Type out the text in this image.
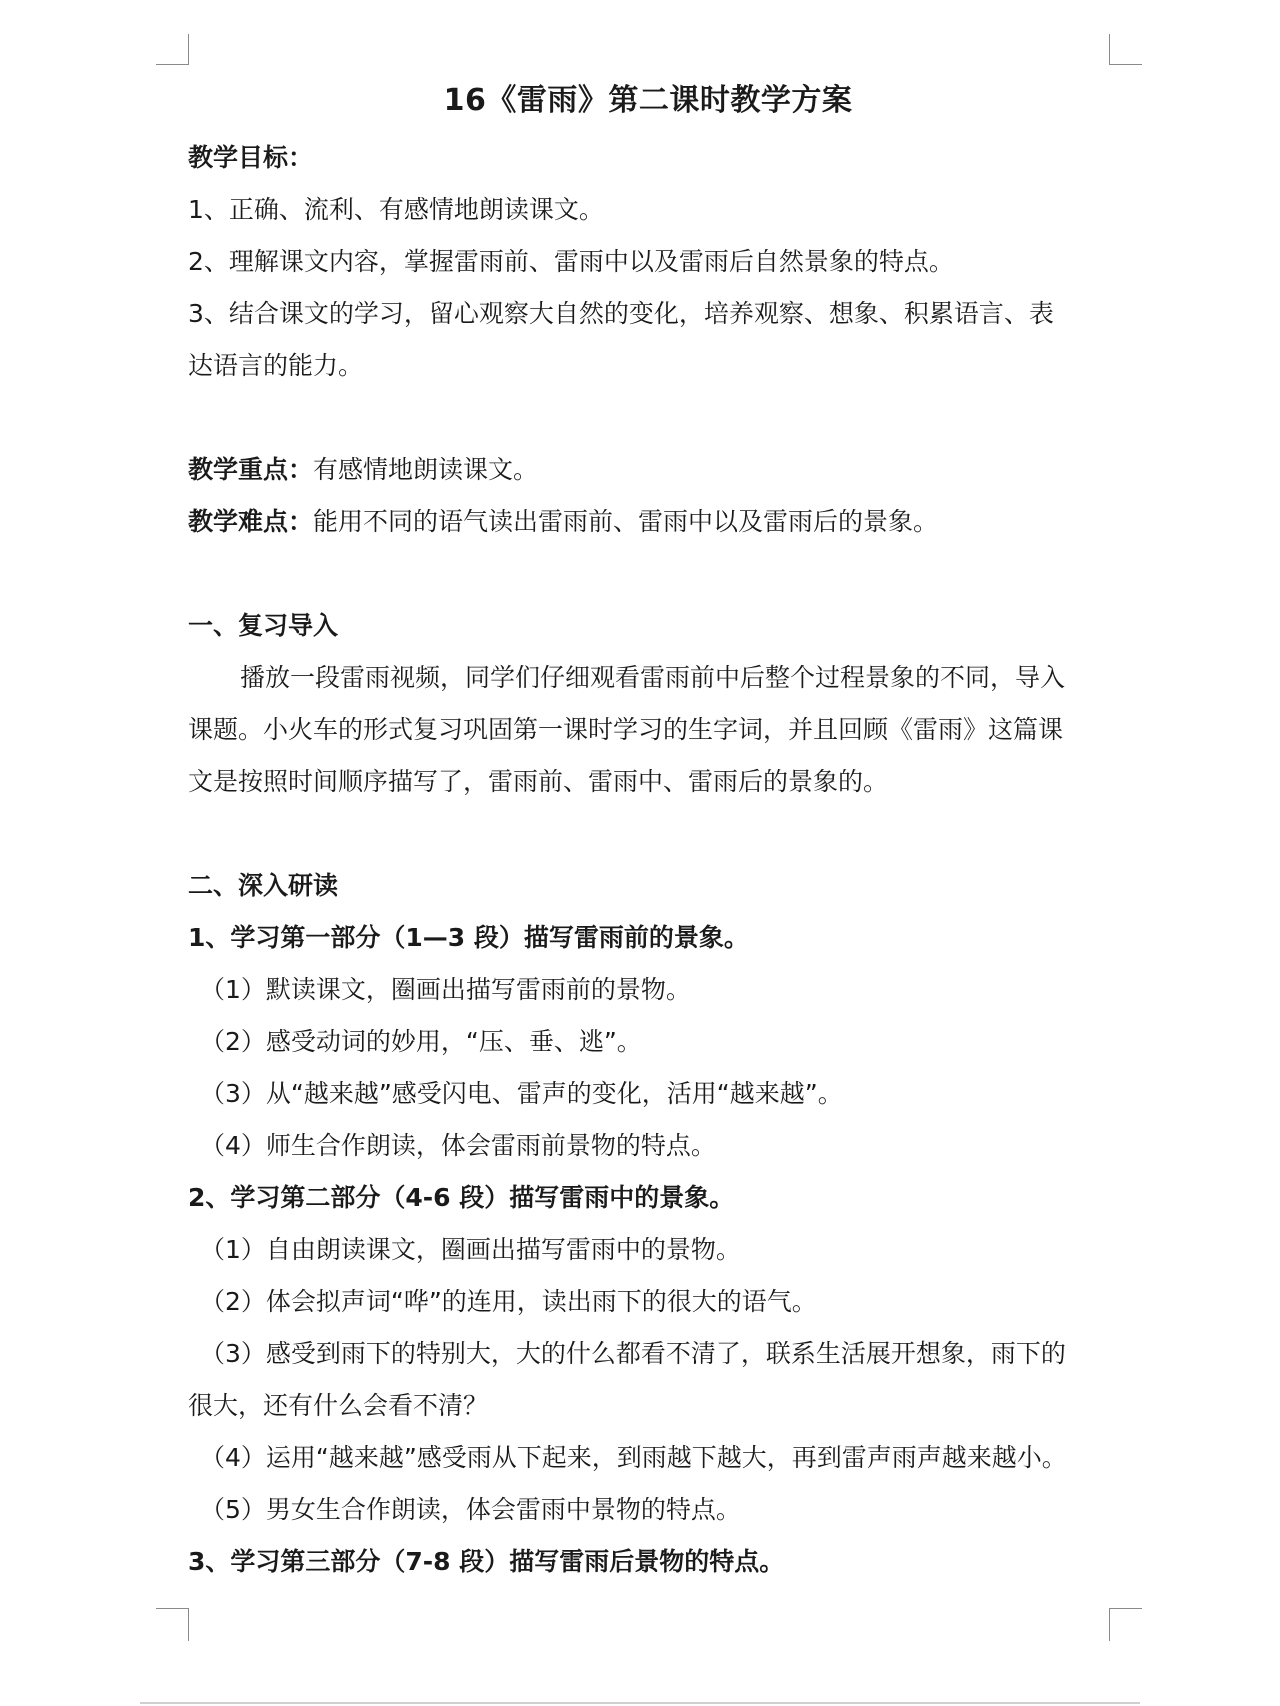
16《雷雨》第二课时教学方案
教学目标：
1、正确、流利、有感情地朗读课文。
2、理解课文内容，掌握雷雨前、雷雨中以及雷雨后自然景象的特点。
3、结合课文的学习，留心观察大自然的变化，培养观察、想象、积累语言、表
达语言的能力。
教学重点：有感情地朗读课文。
教学难点：能用不同的语气读出雷雨前、雷雨中以及雷雨后的景象。
一、复习导入
播放一段雷雨视频，同学们仔细观看雷雨前中后整个过程景象的不同，导入
课题。小火车的形式复习巩固第一课时学习的生字词，并且回顾《雷雨》这篇课
文是按照时间顺序描写了，雷雨前、雷雨中、雷雨后的景象的。
二、深入研读
1、学习第一部分（1—3 段）描写雷雨前的景象。
（1）默读课文，圈画出描写雷雨前的景物。
（2）感受动词的妙用，“压、垂、逃”。
（3）从“越来越”感受闪电、雷声的变化，活用“越来越”。
（4）师生合作朗读，体会雷雨前景物的特点。
2、学习第二部分（4-6 段）描写雷雨中的景象。
（1）自由朗读课文，圈画出描写雷雨中的景物。
（2）体会拟声词“哗”的连用，读出雨下的很大的语气。
（3）感受到雨下的特别大，大的什么都看不清了，联系生活展开想象，雨下的
很大，还有什么会看不清？
（4）运用“越来越”感受雨从下起来，到雨越下越大，再到雷声雨声越来越小。
（5）男女生合作朗读，体会雷雨中景物的特点。
3、学习第三部分（7-8 段）描写雷雨后景物的特点。
